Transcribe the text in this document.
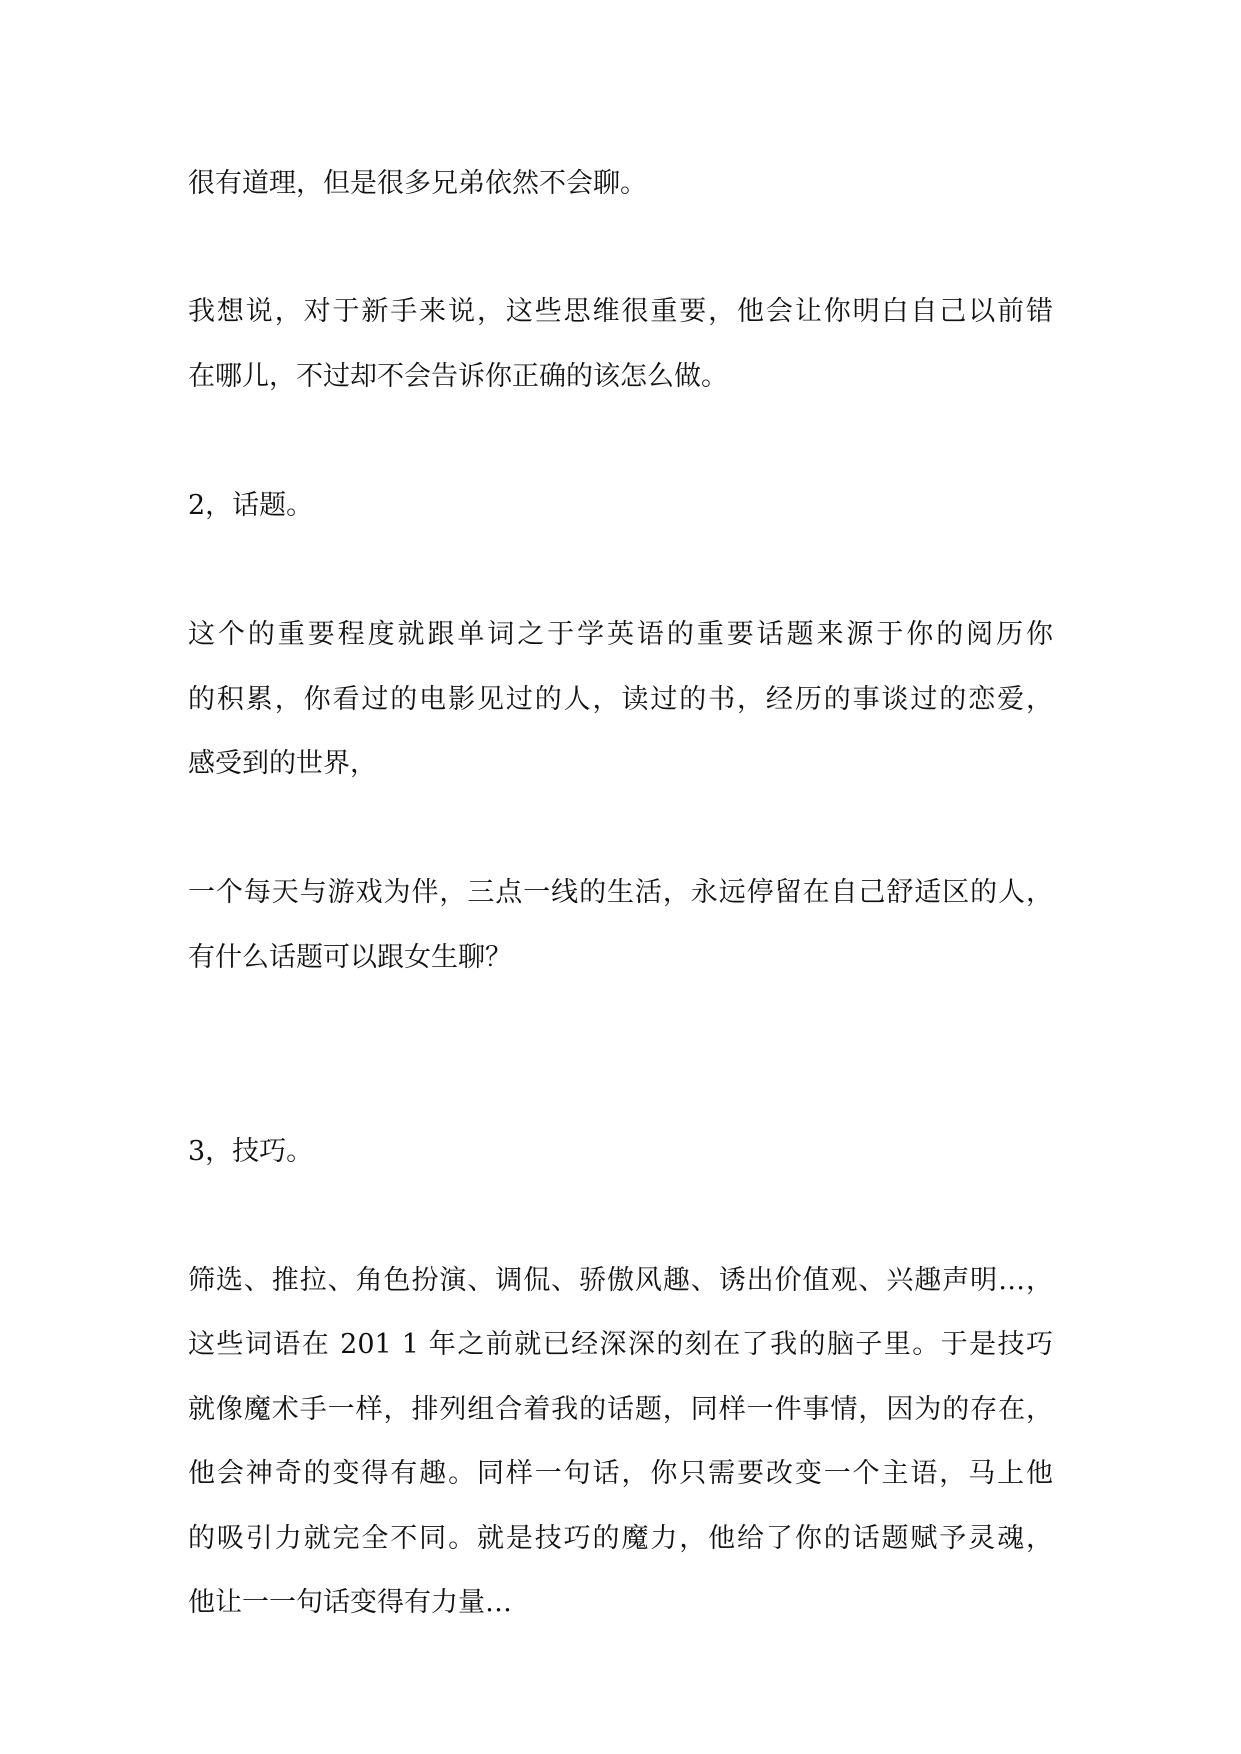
很有道理，但是很多兄弟依然不会聊。
我想说，对于新手来说，这些思维很重要，他会让你明白自己以前错
在哪儿，不过却不会告诉你正确的该怎么做。
2，话题。
这个的重要程度就跟单词之于学英语的重要话题来源于你的阅历你
的积累，你看过的电影见过的人，读过的书，经历的事谈过的恋爱，
感受到的世界，
一个每天与游戏为伴，三点一线的生活，永远停留在自己舒适区的人，
有什么话题可以跟女生聊？
3，技巧。
筛选、推拉、角色扮演、调侃、骄傲风趣、诱出价值观、兴趣声明…，
这些词语在 201 1 年之前就已经深深的刻在了我的脑子里。于是技巧
就像魔术手一样，排列组合着我的话题，同样一件事情，因为的存在，
他会神奇的变得有趣。同样一句话，你只需要改变一个主语，马上他
的吸引力就完全不同。就是技巧的魔力，他给了你的话题赋予灵魂，
他让一一句话变得有力量…
